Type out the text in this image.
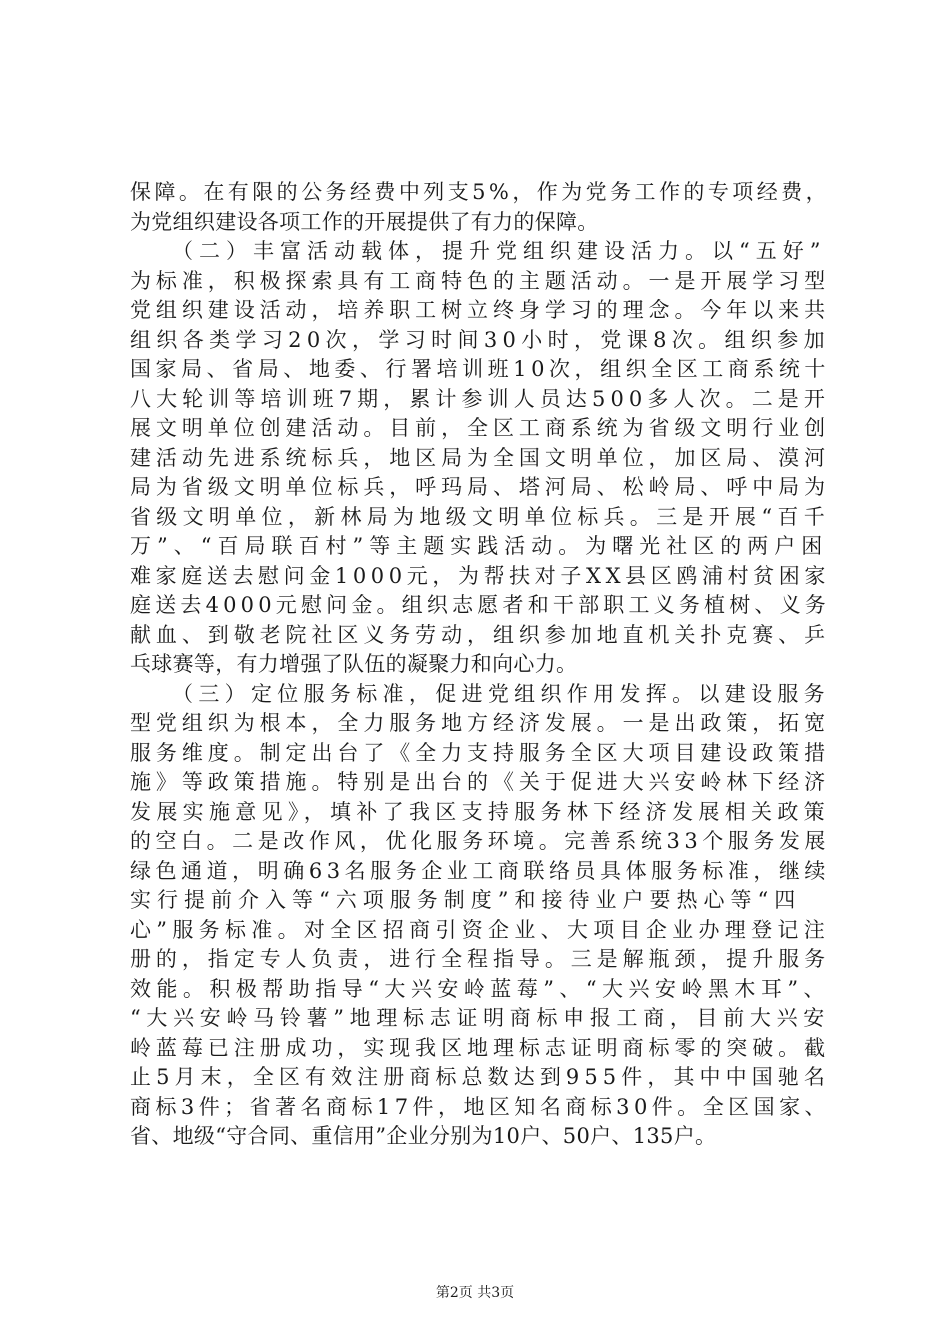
保障。在有限的公务经费中列支5%，作为党务工作的专项经费，
为党组织建设各项工作的开展提供了有力的保障。
（二）丰富活动载体，提升党组织建设活力。以“五好”
为标准，积极探索具有工商特色的主题活动。一是开展学习型
党组织建设活动，培养职工树立终身学习的理念。今年以来共
组织各类学习20次，学习时间30小时，党课8次。组织参加
国家局、省局、地委、行署培训班10次，组织全区工商系统十
八大轮训等培训班7期，累计参训人员达500多人次。二是开
展文明单位创建活动。目前，全区工商系统为省级文明行业创
建活动先进系统标兵，地区局为全国文明单位，加区局、漠河
局为省级文明单位标兵，呼玛局、塔河局、松岭局、呼中局为
省级文明单位，新林局为地级文明单位标兵。三是开展“百千
万”、“百局联百村”等主题实践活动。为曙光社区的两户困
难家庭送去慰问金1000元，为帮扶对子XX县区鸥浦村贫困家
庭送去4000元慰问金。组织志愿者和干部职工义务植树、义务
献血、到敬老院社区义务劳动，组织参加地直机关扑克赛、乒
乓球赛等，有力增强了队伍的凝聚力和向心力。
（三）定位服务标准，促进党组织作用发挥。以建设服务
型党组织为根本，全力服务地方经济发展。一是出政策，拓宽
服务维度。制定出台了《全力支持服务全区大项目建设政策措
施》等政策措施。特别是出台的《关于促进大兴安岭林下经济
发展实施意见》，填补了我区支持服务林下经济发展相关政策
的空白。二是改作风，优化服务环境。完善系统33个服务发展
绿色通道，明确63名服务企业工商联络员具体服务标准，继续
实行提前介入等“六项服务制度”和接待业户要热心等“四
心”服务标准。对全区招商引资企业、大项目企业办理登记注
册的，指定专人负责，进行全程指导。三是解瓶颈，提升服务
效能。积极帮助指导“大兴安岭蓝莓”、“大兴安岭黑木耳”、
“大兴安岭马铃薯”地理标志证明商标申报工商，目前大兴安
岭蓝莓已注册成功，实现我区地理标志证明商标零的突破。截
止5月末，全区有效注册商标总数达到955件，其中中国驰名
商标3件；省著名商标17件，地区知名商标30件。全区国家、
省、地级“守合同、重信用”企业分别为10户、50户、135户。
第2页 共3页
